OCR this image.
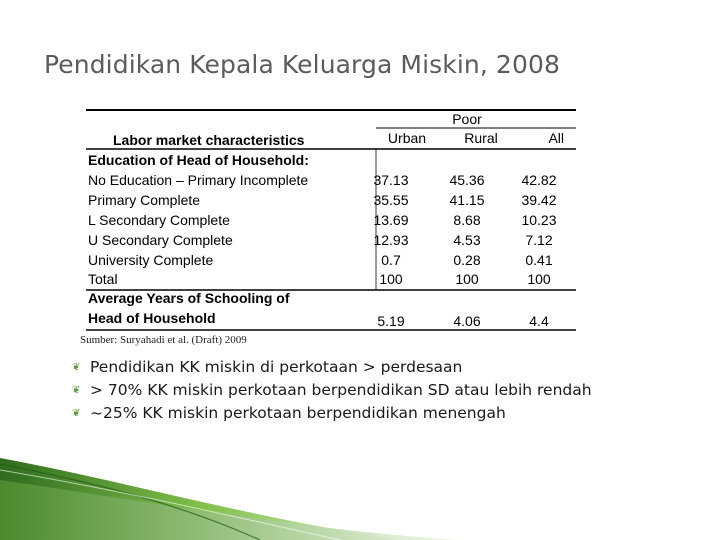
Pendidikan Kepala Keluarga Miskin, 2008
Poor
Labor market characteristics	Urban	Rural	All
Education of Head of Household:
No Education – Primary Incomplete	37.13	45.36	42.82
Primary Complete	35.55	41.15	39.42
L Secondary Complete	13.69	8.68	10.23
U Secondary Complete	12.93	4.53	7.12
University Complete	0.7	0.28	0.41
Total	100	100	100
Average Years of Schooling of
Head of Household	5.19	4.06	4.4
Sumber: Suryahadi et al. (Draft) 2009
❦ Pendidikan KK miskin di perkotaan > perdesaan
❦ > 70% KK miskin perkotaan berpendidikan SD atau lebih rendah
❦ ~25% KK miskin perkotaan berpendidikan menengah
